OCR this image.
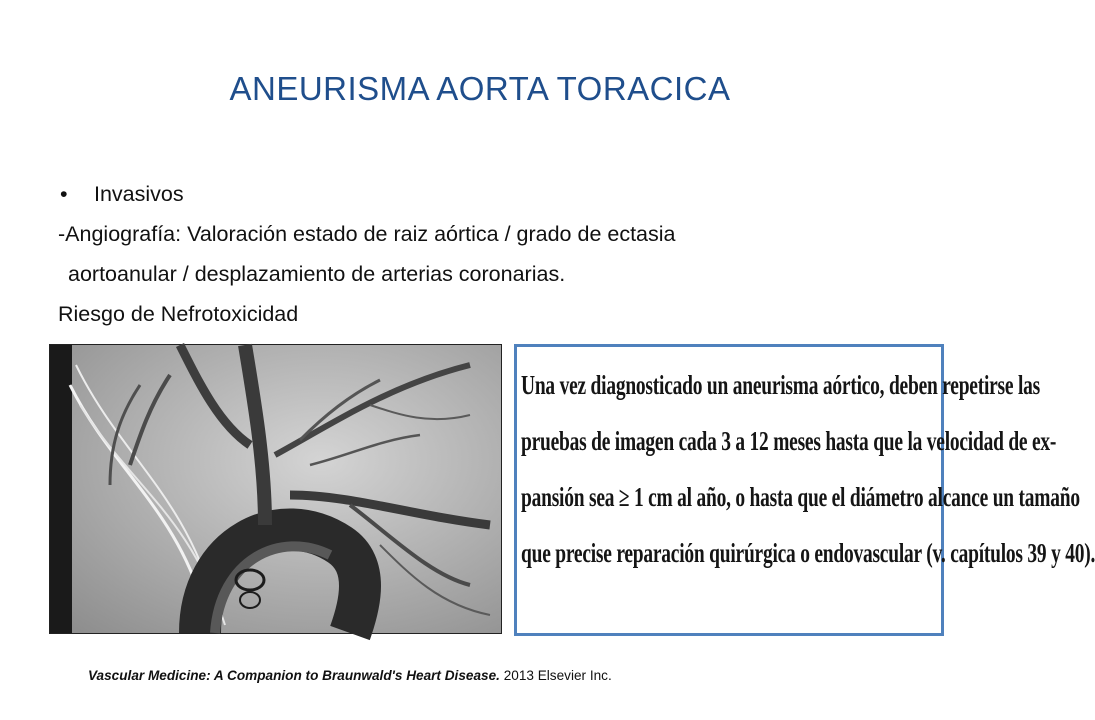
ANEURISMA AORTA TORACICA
• Invasivos
-Angiografía: Valoración estado de raiz aórtica / grado de ectasia
aortoanular / desplazamiento de arterias coronarias.
Riesgo de Nefrotoxicidad
Una vez diagnosticado un aneurisma aórtico, deben repetirse las
pruebas de imagen cada 3 a 12 meses hasta que la velocidad de ex-
pansión sea ≥ 1 cm al año, o hasta que el diámetro alcance un tamaño
que precise reparación quirúrgica o endovascular (v. capítulos 39 y 40).
Vascular Medicine: A Companion to Braunwald's Heart Disease. 2013 Elsevier Inc.
